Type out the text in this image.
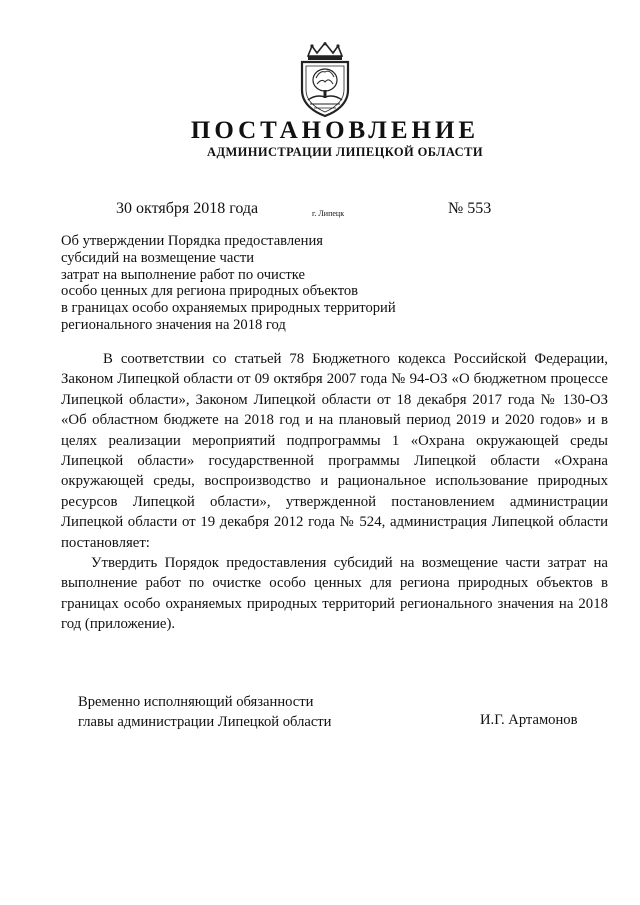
ПОСТАНОВЛЕНИЕ
АДМИНИСТРАЦИИ ЛИПЕЦКОЙ ОБЛАСТИ
30 октября 2018 года	г. Липецк	№ 553
Об утверждении Порядка предоставления
субсидий на возмещение части
затрат на выполнение работ по очистке
особо ценных для региона природных объектов
в границах особо охраняемых природных территорий
регионального значения на 2018 год

В соответствии со статьей 78 Бюджетного кодекса Российской Федерации, Законом Липецкой области от 09 октября 2007 года № 94-ОЗ «О бюджетном процессе Липецкой области», Законом Липецкой области от 18 декабря 2017 года № 130-ОЗ «Об областном бюджете на 2018 год и на плановый период 2019 и 2020 годов» и в целях реализации мероприятий подпрограммы 1 «Охрана окружающей среды Липецкой области» государственной программы Липецкой области «Охрана окружающей среды, воспроизводство и рациональное использование природных ресурсов Липецкой области», утвержденной постановлением администрации Липецкой области от 19 декабря 2012 года № 524, администрация Липецкой области постановляет:

Утвердить Порядок предоставления субсидий на возмещение части затрат на выполнение работ по очистке особо ценных для региона природных объектов в границах особо охраняемых природных территорий регионального значения на 2018 год (приложение).

Временно исполняющий обязанности
главы администрации Липецкой области	И.Г. Артамонов
